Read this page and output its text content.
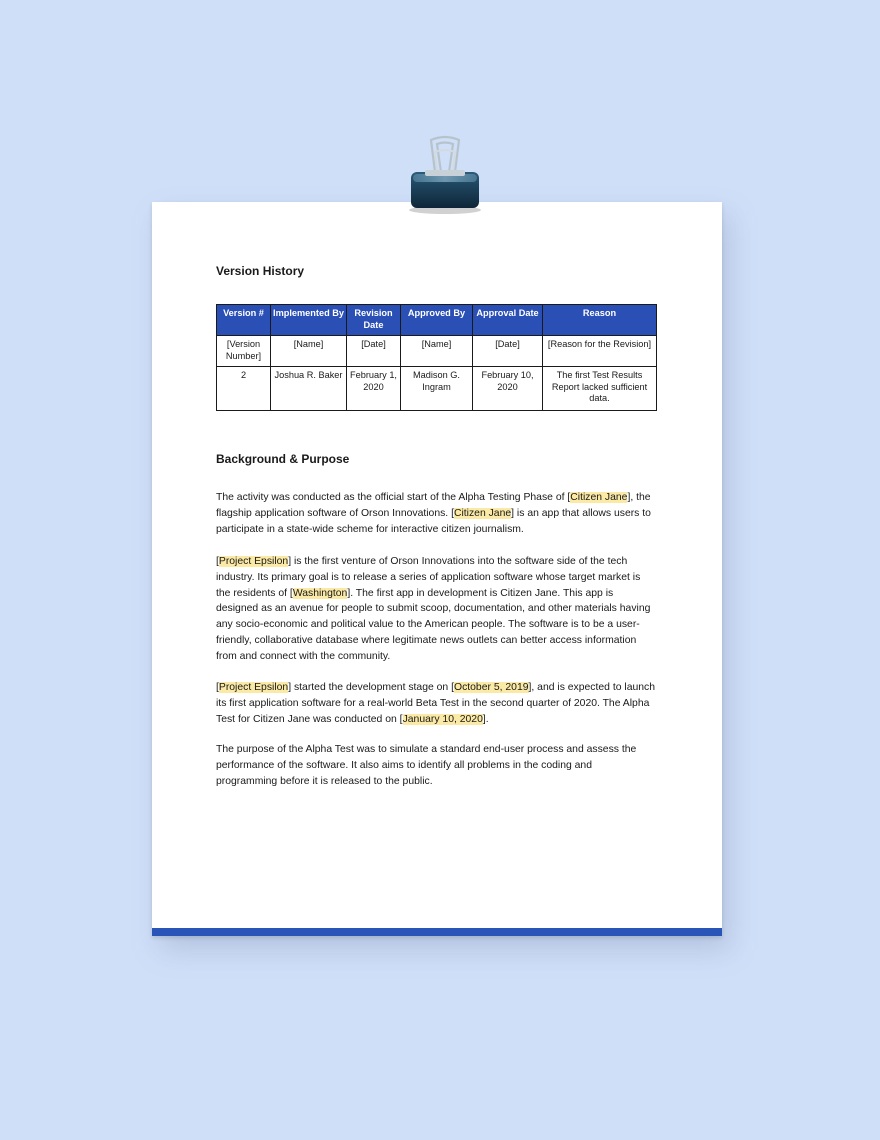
Version History
Version #	Implemented By	Revision Date	Approved By	Approval Date	Reason
[Version Number]	[Name]	[Date]	[Name]	[Date]	[Reason for the Revision]
2	Joshua R. Baker	February 1, 2020	Madison G. Ingram	February 10, 2020	The first Test Results Report lacked sufficient data.
Background & Purpose

The activity was conducted as the official start of the Alpha Testing Phase of [Citizen Jane], the flagship application software of Orson Innovations. [Citizen Jane] is an app that allows users to participate in a state-wide scheme for interactive citizen journalism.

[Project Epsilon] is the first venture of Orson Innovations into the software side of the tech industry. Its primary goal is to release a series of application software whose target market is the residents of [Washington]. The first app in development is Citizen Jane. This app is designed as an avenue for people to submit scoop, documentation, and other materials having any socio-economic and political value to the American people. The software is to be a user-friendly, collaborative database where legitimate news outlets can better access information from and connect with the community.

[Project Epsilon] started the development stage on [October 5, 2019], and is expected to launch its first application software for a real-world Beta Test in the second quarter of 2020. The Alpha Test for Citizen Jane was conducted on [January 10, 2020].

The purpose of the Alpha Test was to simulate a standard end-user process and assess the performance of the software. It also aims to identify all problems in the coding and programming before it is released to the public.
